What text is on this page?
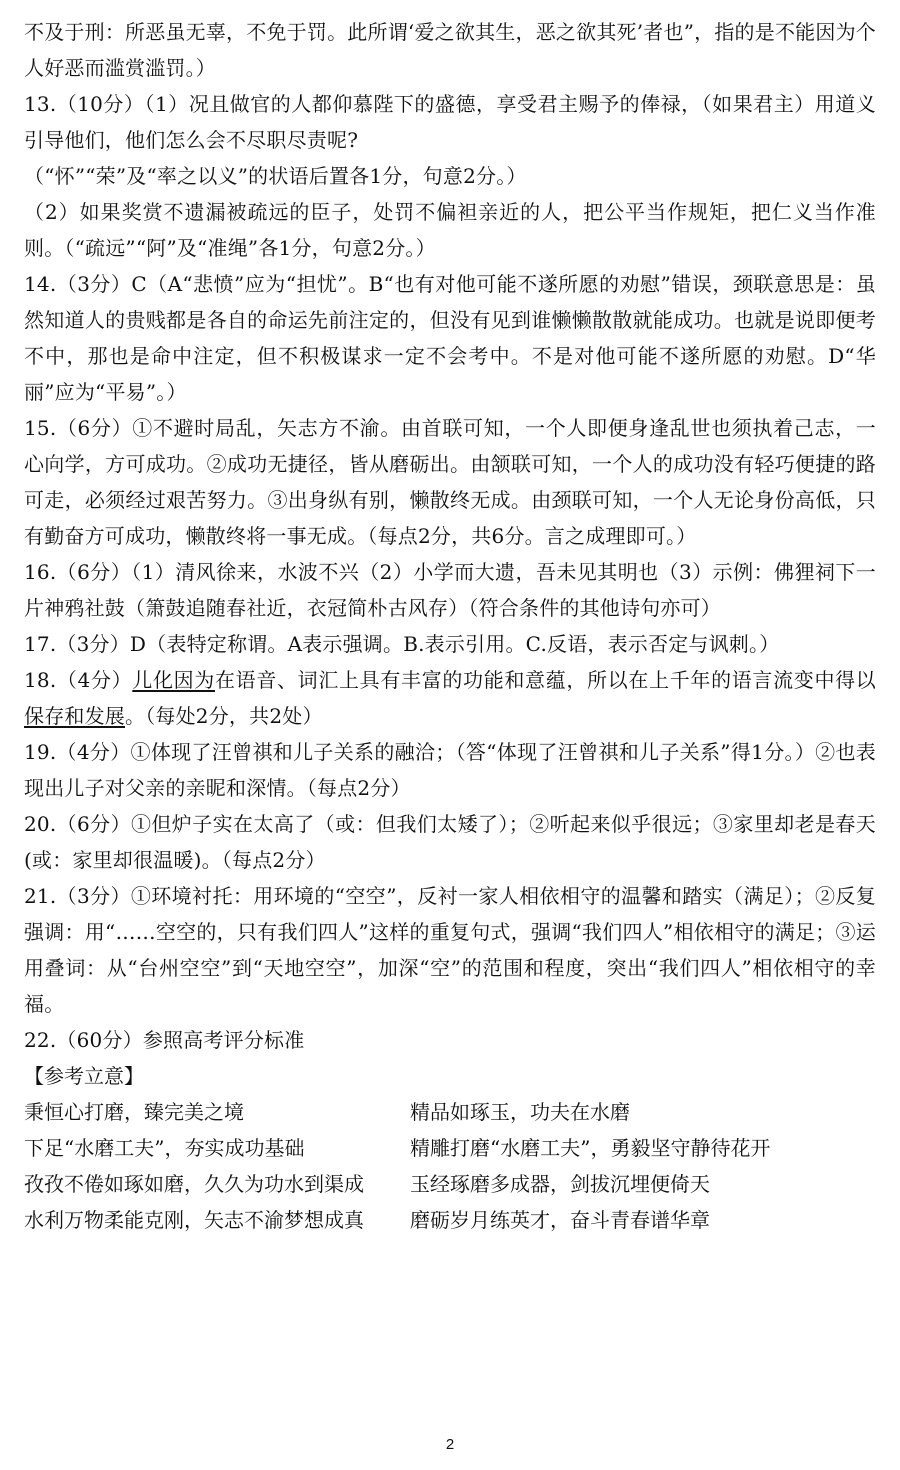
不及于刑：所恶虽无辜，不免于罚。此所谓‘爱之欲其生，恶之欲其死’者也”，指的是不能因为个人好恶而滥赏滥罚。）

13.（10分）（1）况且做官的人都仰慕陛下的盛德，享受君主赐予的俸禄，（如果君主）用道义引导他们，他们怎么会不尽职尽责呢?

（“怀”“荣”及“率之以义”的状语后置各1分，句意2分。）

（2）如果奖赏不遗漏被疏远的臣子，处罚不偏袒亲近的人，把公平当作规矩，把仁义当作准则。（“疏远”“阿”及“准绳”各1分，句意2分。）

14.（3分）C（A“悲愤”应为“担忧”。B“也有对他可能不遂所愿的劝慰”错误，颈联意思是：虽然知道人的贵贱都是各自的命运先前注定的，但没有见到谁懒懒散散就能成功。也就是说即便考不中，那也是命中注定，但不积极谋求一定不会考中。不是对他可能不遂所愿的劝慰。D“华丽”应为“平易”。）

15.（6分）①不避时局乱，矢志方不渝。由首联可知，一个人即便身逢乱世也须执着己志，一心向学，方可成功。②成功无捷径，皆从磨砺出。由颔联可知，一个人的成功没有轻巧便捷的路可走，必须经过艰苦努力。③出身纵有别，懒散终无成。由颈联可知，一个人无论身份高低，只有勤奋方可成功，懒散终将一事无成。（每点2分，共6分。言之成理即可。）

16.（6分）（1）清风徐来，水波不兴（2）小学而大遗，吾未见其明也（3）示例：佛狸祠下一片神鸦社鼓（箫鼓追随春社近，衣冠简朴古风存）（符合条件的其他诗句亦可）

17.（3分）D（表特定称谓。A表示强调。B.表示引用。C.反语，表示否定与讽刺。）

18.（4分）儿化因为在语音、词汇上具有丰富的功能和意蕴，所以在上千年的语言流变中得以保存和发展。（每处2分，共2处）

19.（4分）①体现了汪曾祺和儿子关系的融洽；（答“体现了汪曾祺和儿子关系”得1分。）②也表现出儿子对父亲的亲昵和深情。（每点2分）

20.（6分）①但炉子实在太高了（或：但我们太矮了）；②听起来似乎很远；③家里却老是春天(或：家里却很温暖)。（每点2分）

21.（3分）①环境衬托：用环境的“空空”，反衬一家人相依相守的温馨和踏实（满足）；②反复强调：用“……空空的，只有我们四人”这样的重复句式，强调“我们四人”相依相守的满足；③运用叠词：从“台州空空”到“天地空空”，加深“空”的范围和程度，突出“我们四人”相依相守的幸福。

22.（60分）参照高考评分标准

【参考立意】

秉恒心打磨，臻完美之境	精品如琢玉，功夫在水磨
下足“水磨工夫”，夯实成功基础	精雕打磨“水磨工夫”，勇毅坚守静待花开
孜孜不倦如琢如磨，久久为功水到渠成	玉经琢磨多成器，剑拔沉埋便倚天
水利万物柔能克刚，矢志不渝梦想成真	磨砺岁月练英才，奋斗青春谱华章
2
